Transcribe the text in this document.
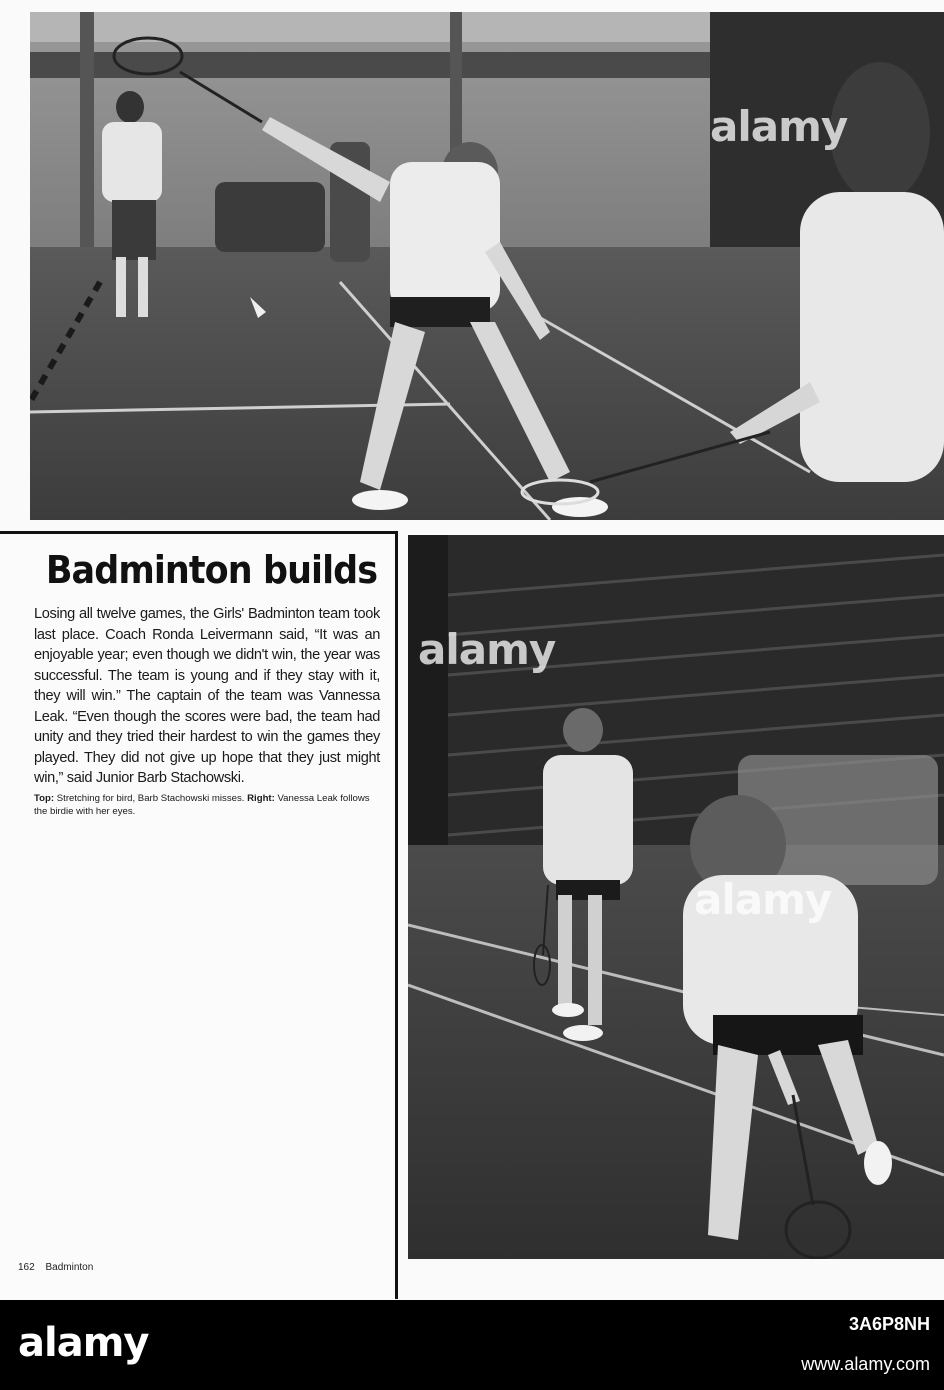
alamy
Badminton builds
Losing all twelve games, the Girls' Badminton team took last place. Coach Ronda Leivermann said, “It was an enjoyable year; even though we didn't win, the year was successful. The team is young and if they stay with it, they will win.” The captain of the team was Vannessa Leak. “Even though the scores were bad, the team had unity and they tried their hardest to win the games they played. They did not give up hope that they just might win,” said Junior Barb Stachowski.
Top: Stretching for bird, Barb Stachowski misses. Right: Vanessa Leak follows the birdie with her eyes.
162 Badminton
alamy
alamy
alamy	3A6P8NH
www.alamy.com
